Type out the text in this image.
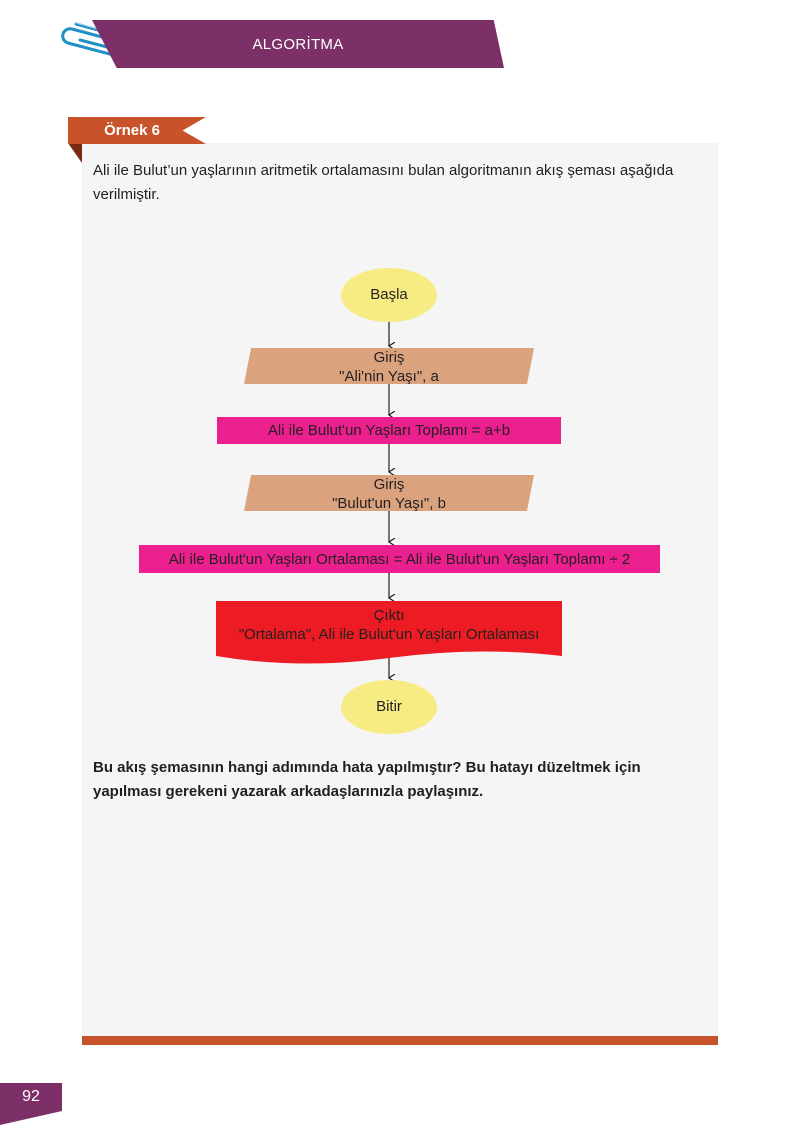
ALGORİTMA
Örnek 6

Ali ile Bulut’un yaşlarının aritmetik ortalamasını bulan algoritmanın akış şeması aşağıda verilmiştir.

Başla
Giriş
"Ali'nin Yaşı", a
Ali ile Bulut'un Yaşları Toplamı = a+b
Giriş
"Bulut'un Yaşı", b
Ali ile Bulut'un Yaşları Ortalaması = Ali ile Bulut'un Yaşları Toplamı ÷ 2
Çıktı
"Ortalama", Ali ile Bulut'un Yaşları Ortalaması
Bitir

Bu akış şemasının hangi adımında hata yapılmıştır? Bu hatayı düzeltmek için yapılması gerekeni yazarak arkadaşlarınızla paylaşınız.

92
